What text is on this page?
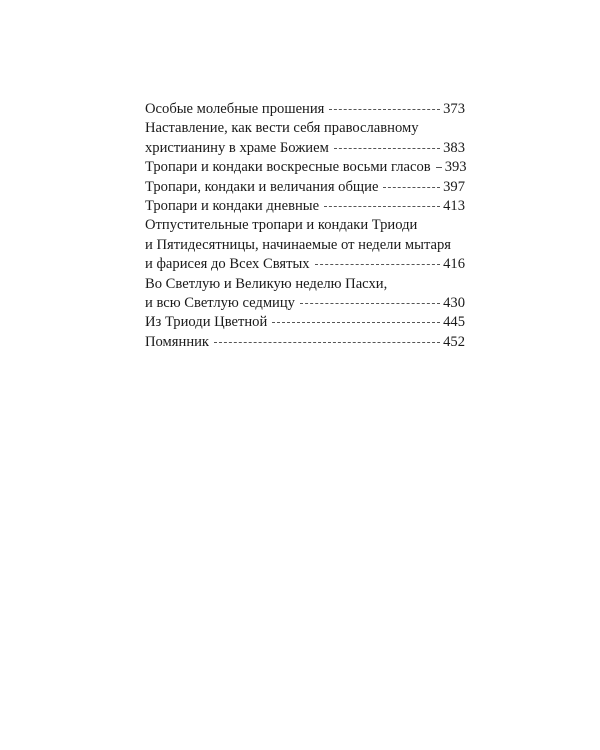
Особые молебные прошения	373
Наставление, как вести себя православному
христианину в храме Божием	383
Тропари и кондаки воскресные восьми гласов 393
Тропари, кондаки и величания общие	397
Тропари и кондаки дневные	413
Отпустительные тропари и кондаки Триоди
и Пятидесятницы, начинаемые от недели мытаря
и фарисея до Всех Святых	416
Во Светлую и Великую неделю Пасхи,
и всю Светлую седмицу	430
Из Триоди Цветной	445
Помянник	452
